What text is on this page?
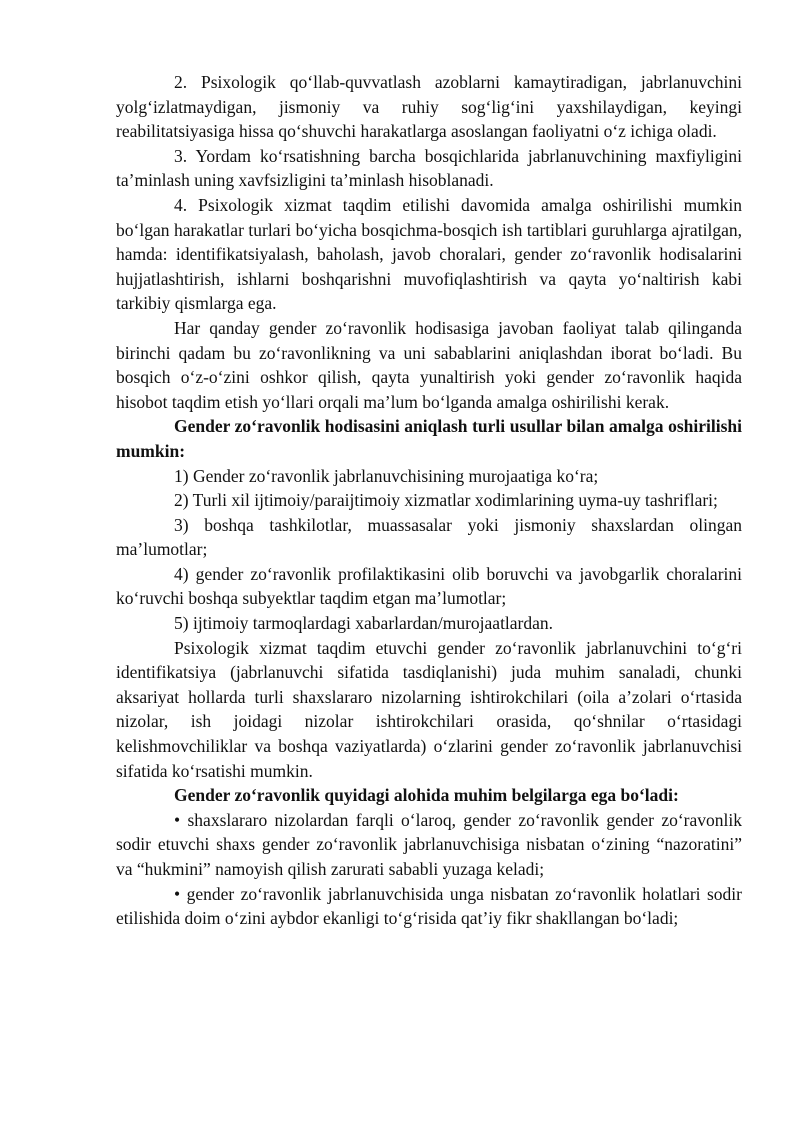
2. Psixologik qo‘llab-quvvatlash azoblarni kamaytiradigan, jabrlanuvchini yolg‘izlatmaydigan, jismoniy va ruhiy sog‘lig‘ini yaxshilaydigan, keyingi reabilitatsiyasiga hissa qo‘shuvchi harakatlarga asoslangan faoliyatni o‘z ichiga oladi.

3. Yordam ko‘rsatishning barcha bosqichlarida jabrlanuvchining maxfiyligini ta’minlash uning xavfsizligini ta’minlash hisoblanadi.

4. Psixologik xizmat taqdim etilishi davomida amalga oshirilishi mumkin bo‘lgan harakatlar turlari bo‘yicha bosqichma-bosqich ish tartiblari guruhlarga ajratilgan, hamda: identifikatsiyalash, baholash, javob choralari, gender zo‘ravonlik hodisalarini hujjatlashtirish, ishlarni boshqarishni muvofiqlashtirish va qayta yo‘naltirish kabi tarkibiy qismlarga ega.

Har qanday gender zo‘ravonlik hodisasiga javoban faoliyat talab qilinganda birinchi qadam bu zo‘ravonlikning va uni sabablarini aniqlashdan iborat bo‘ladi. Bu bosqich o‘z-o‘zini oshkor qilish, qayta yunaltirish yoki gender zo‘ravonlik haqida hisobot taqdim etish yo‘llari orqali ma’lum bo‘lganda amalga oshirilishi kerak.

Gender zo‘ravonlik hodisasini aniqlash turli usullar bilan amalga oshirilishi mumkin:

1) Gender zo‘ravonlik jabrlanuvchisining murojaatiga ko‘ra;

2) Turli xil ijtimoiy/paraijtimoiy xizmatlar xodimlarining uyma-uy tashriflari;

3) boshqa tashkilotlar, muassasalar yoki jismoniy shaxslardan olingan ma’lumotlar;

4) gender zo‘ravonlik profilaktikasini olib boruvchi va javobgarlik choralarini ko‘ruvchi boshqa subyektlar taqdim etgan ma’lumotlar;

5) ijtimoiy tarmoqlardagi xabarlardan/murojaatlardan.

Psixologik xizmat taqdim etuvchi gender zo‘ravonlik jabrlanuvchini to‘g‘ri identifikatsiya (jabrlanuvchi sifatida tasdiqlanishi) juda muhim sanaladi, chunki aksariyat hollarda turli shaxslararo nizolarning ishtirokchilari (oila a’zolari o‘rtasida nizolar, ish joidagi nizolar ishtirokchilari orasida, qo‘shnilar o‘rtasidagi kelishmovchiliklar va boshqa vaziyatlarda) o‘zlarini gender zo‘ravonlik jabrlanuvchisi sifatida ko‘rsatishi mumkin.

Gender zo‘ravonlik quyidagi alohida muhim belgilarga ega bo‘ladi:

• shaxslararo nizolardan farqli o‘laroq, gender zo‘ravonlik gender zo‘ravonlik sodir etuvchi shaxs gender zo‘ravonlik jabrlanuvchisiga nisbatan o‘zining “nazoratini” va “hukmini” namoyish qilish zarurati sababli yuzaga keladi;

• gender zo‘ravonlik jabrlanuvchisida unga nisbatan zo‘ravonlik holatlari sodir etilishida doim o‘zini aybdor ekanligi to‘g‘risida qat’iy fikr shakllangan bo‘ladi;
